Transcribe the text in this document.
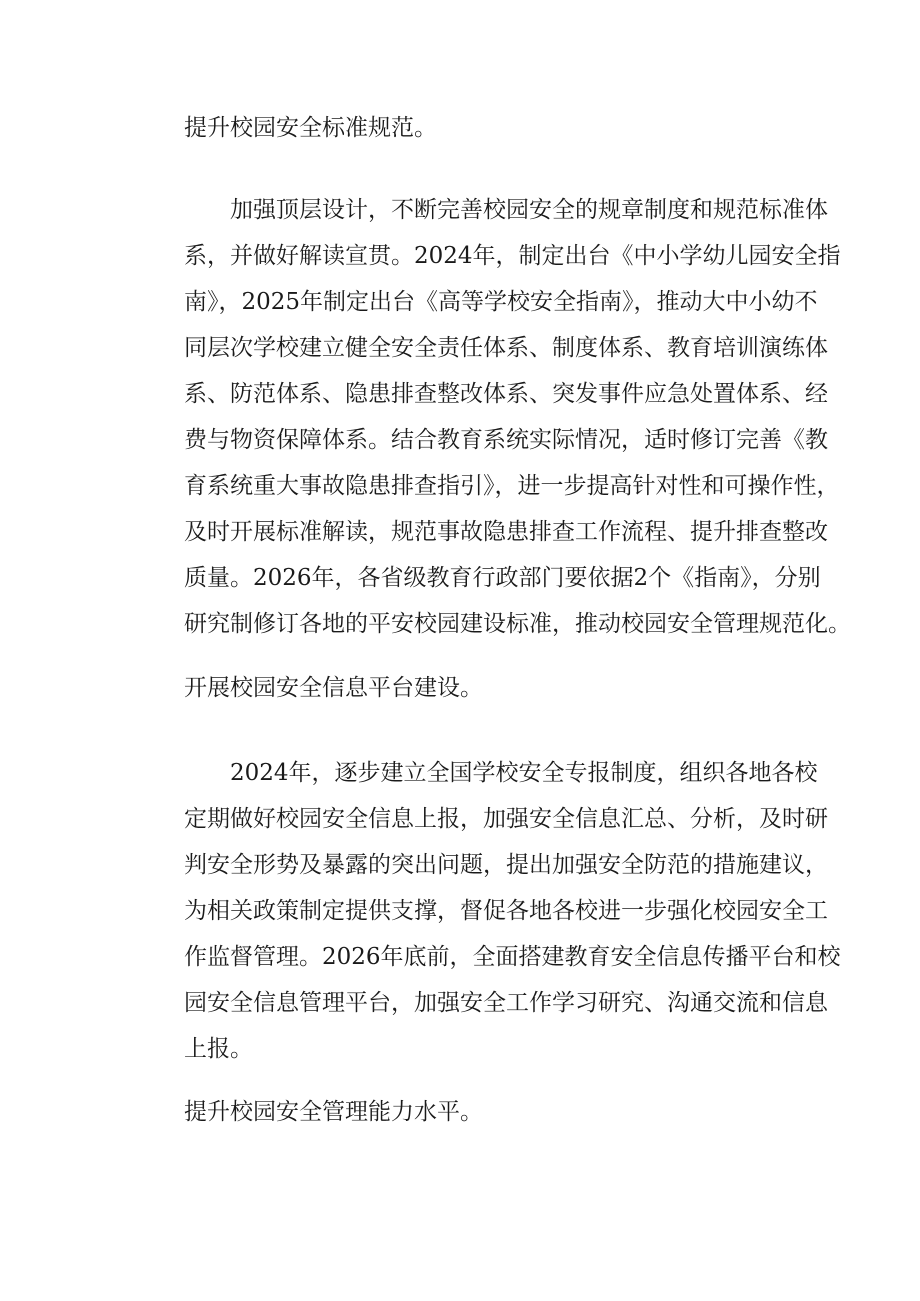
提升校园安全标准规范。

加强顶层设计，不断完善校园安全的规章制度和规范标准体
系，并做好解读宣贯。2024年，制定出台《中小学幼儿园安全指
南》，2025年制定出台《高等学校安全指南》，推动大中小幼不
同层次学校建立健全安全责任体系、制度体系、教育培训演练体
系、防范体系、隐患排查整改体系、突发事件应急处置体系、经
费与物资保障体系。结合教育系统实际情况，适时修订完善《教
育系统重大事故隐患排查指引》，进一步提高针对性和可操作性，
及时开展标准解读，规范事故隐患排查工作流程、提升排查整改
质量。2026年，各省级教育行政部门要依据2个《指南》，分别
研究制修订各地的平安校园建设标准，推动校园安全管理规范化。

开展校园安全信息平台建设。

2024年，逐步建立全国学校安全专报制度，组织各地各校
定期做好校园安全信息上报，加强安全信息汇总、分析，及时研
判安全形势及暴露的突出问题，提出加强安全防范的措施建议，
为相关政策制定提供支撑，督促各地各校进一步强化校园安全工
作监督管理。2026年底前，全面搭建教育安全信息传播平台和校
园安全信息管理平台，加强安全工作学习研究、沟通交流和信息
上报。

提升校园安全管理能力水平。
